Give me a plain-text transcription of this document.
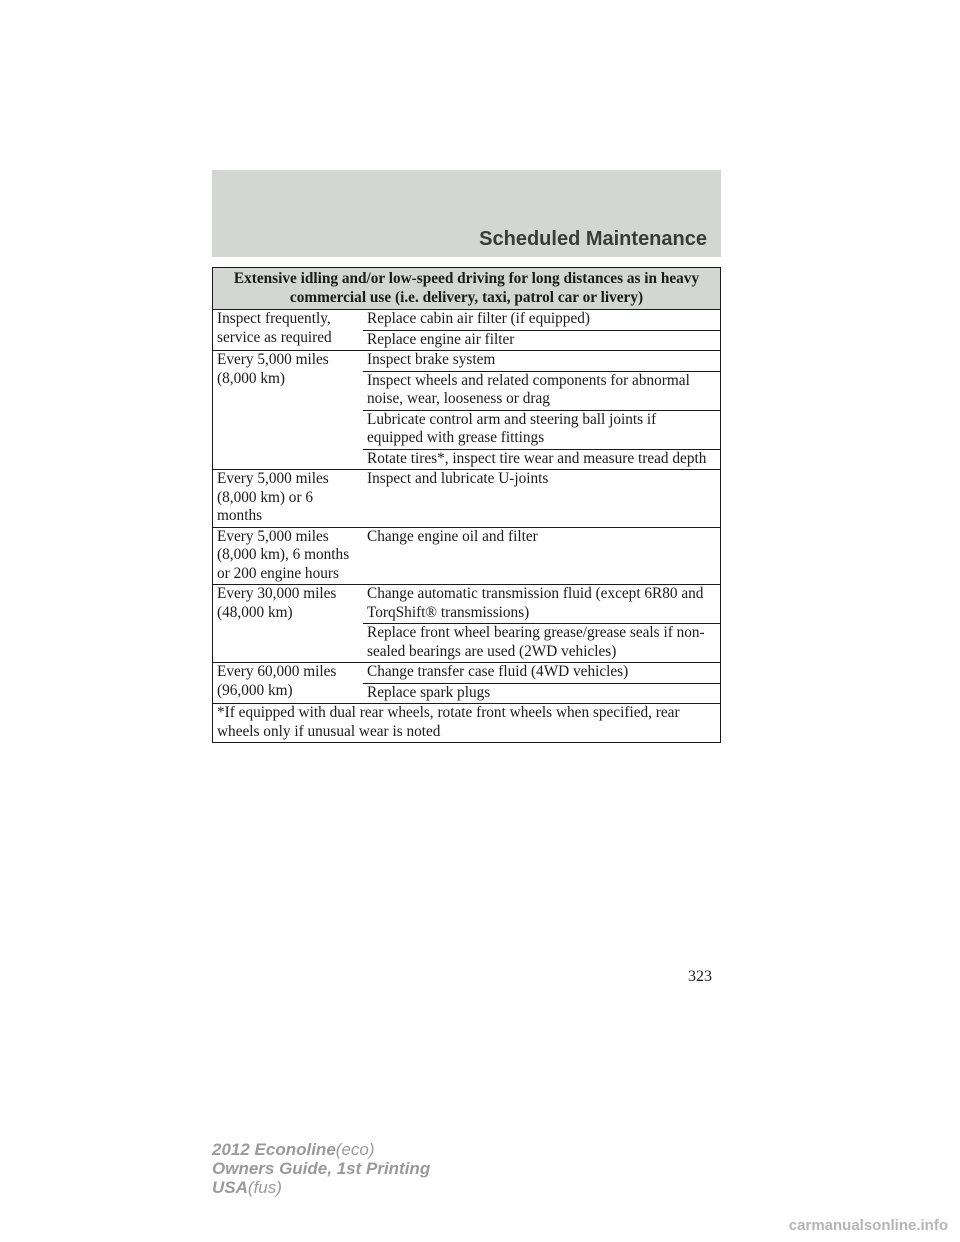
Scheduled Maintenance
Extensive idling and/or low-speed driving for long distances as in heavy commercial use (i.e. delivery, taxi, patrol car or livery)	
Inspect frequently, service as required	Replace cabin air filter (if equipped)
	Replace engine air filter
Every 5,000 miles (8,000 km)	Inspect brake system
	Inspect wheels and related components for abnormal noise, wear, looseness or drag
	Lubricate control arm and steering ball joints if equipped with grease fittings
	Rotate tires*, inspect tire wear and measure tread depth
Every 5,000 miles (8,000 km) or 6 months	Inspect and lubricate U-joints
Every 5,000 miles (8,000 km), 6 months or 200 engine hours	Change engine oil and filter
Every 30,000 miles (48,000 km)	Change automatic transmission fluid (except 6R80 and TorqShift® transmissions)
	Replace front wheel bearing grease/grease seals if non-sealed bearings are used (2WD vehicles)
Every 60,000 miles (96,000 km)	Change transfer case fluid (4WD vehicles)
	Replace spark plugs
*If equipped with dual rear wheels, rotate front wheels when specified, rear wheels only if unusual wear is noted	
323
2012 Econoline(eco)
Owners Guide, 1st Printing
USA(fus)
carmanualsonline.info
